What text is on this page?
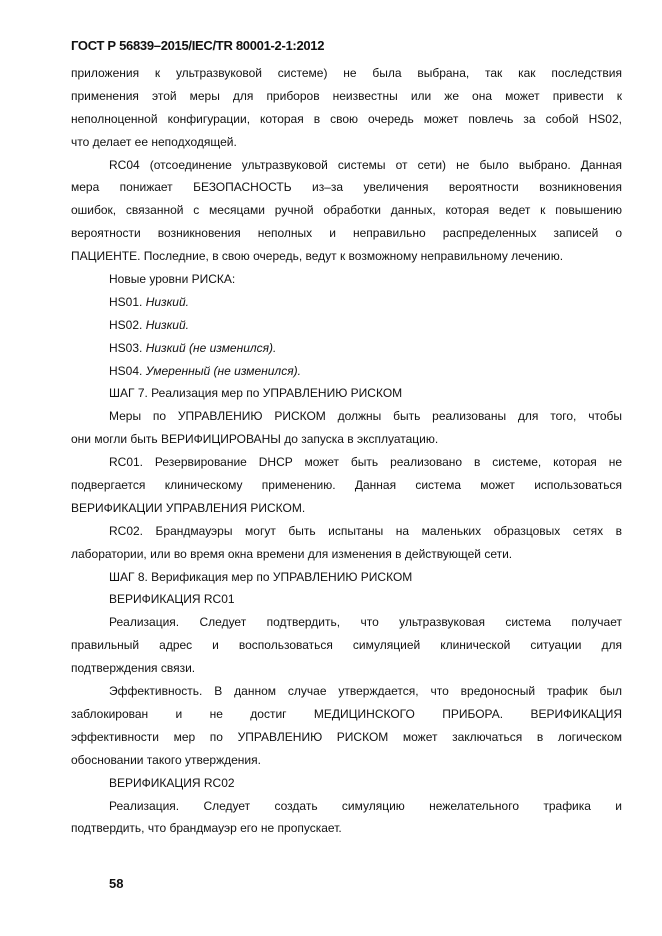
ГОСТ Р 56839–2015/IEC/TR 80001-2-1:2012
приложения к ультразвуковой системе) не была выбрана, так как последствия
применения этой меры для приборов неизвестны или же она может привести к
неполноценной конфигурации, которая в свою очередь может повлечь за собой HS02,
что делает ее неподходящей.
RC04 (отсоединение ультразвуковой системы от сети) не было выбрано. Данная
мера понижает БЕЗОПАСНОСТЬ из–за увеличения вероятности возникновения
ошибок, связанной с месяцами ручной обработки данных, которая ведет к повышению
вероятности возникновения неполных и неправильно распределенных записей о
ПАЦИЕНТЕ. Последние, в свою очередь, ведут к возможному неправильному лечению.
Новые уровни РИСКА:
HS01. Низкий.
HS02. Низкий.
HS03. Низкий (не изменился).
HS04. Умеренный (не изменился).
ШАГ 7. Реализация мер по УПРАВЛЕНИЮ РИСКОМ
Меры по УПРАВЛЕНИЮ РИСКОМ должны быть реализованы для того, чтобы
они могли быть ВЕРИФИЦИРОВАНЫ до запуска в эксплуатацию.
RC01. Резервирование DHCP может быть реализовано в системе, которая не
подвергается клиническому применению. Данная система может использоваться
ВЕРИФИКАЦИИ УПРАВЛЕНИЯ РИСКОМ.
RC02. Брандмауэры могут быть испытаны на маленьких образцовых сетях в
лаборатории, или во время окна времени для изменения в действующей сети.
ШАГ 8. Верификация мер по УПРАВЛЕНИЮ РИСКОМ
ВЕРИФИКАЦИЯ RC01
Реализация. Следует подтвердить, что ультразвуковая система получает
правильный адрес и воспользоваться симуляцией клинической ситуации для
подтверждения связи.
Эффективность. В данном случае утверждается, что вредоносный трафик был
заблокирован и не достиг МЕДИЦИНСКОГО ПРИБОРА. ВЕРИФИКАЦИЯ
эффективности мер по УПРАВЛЕНИЮ РИСКОМ может заключаться в логическом
обосновании такого утверждения.
ВЕРИФИКАЦИЯ RC02
Реализация. Следует создать симуляцию нежелательного трафика и
подтвердить, что брандмауэр его не пропускает.
58
